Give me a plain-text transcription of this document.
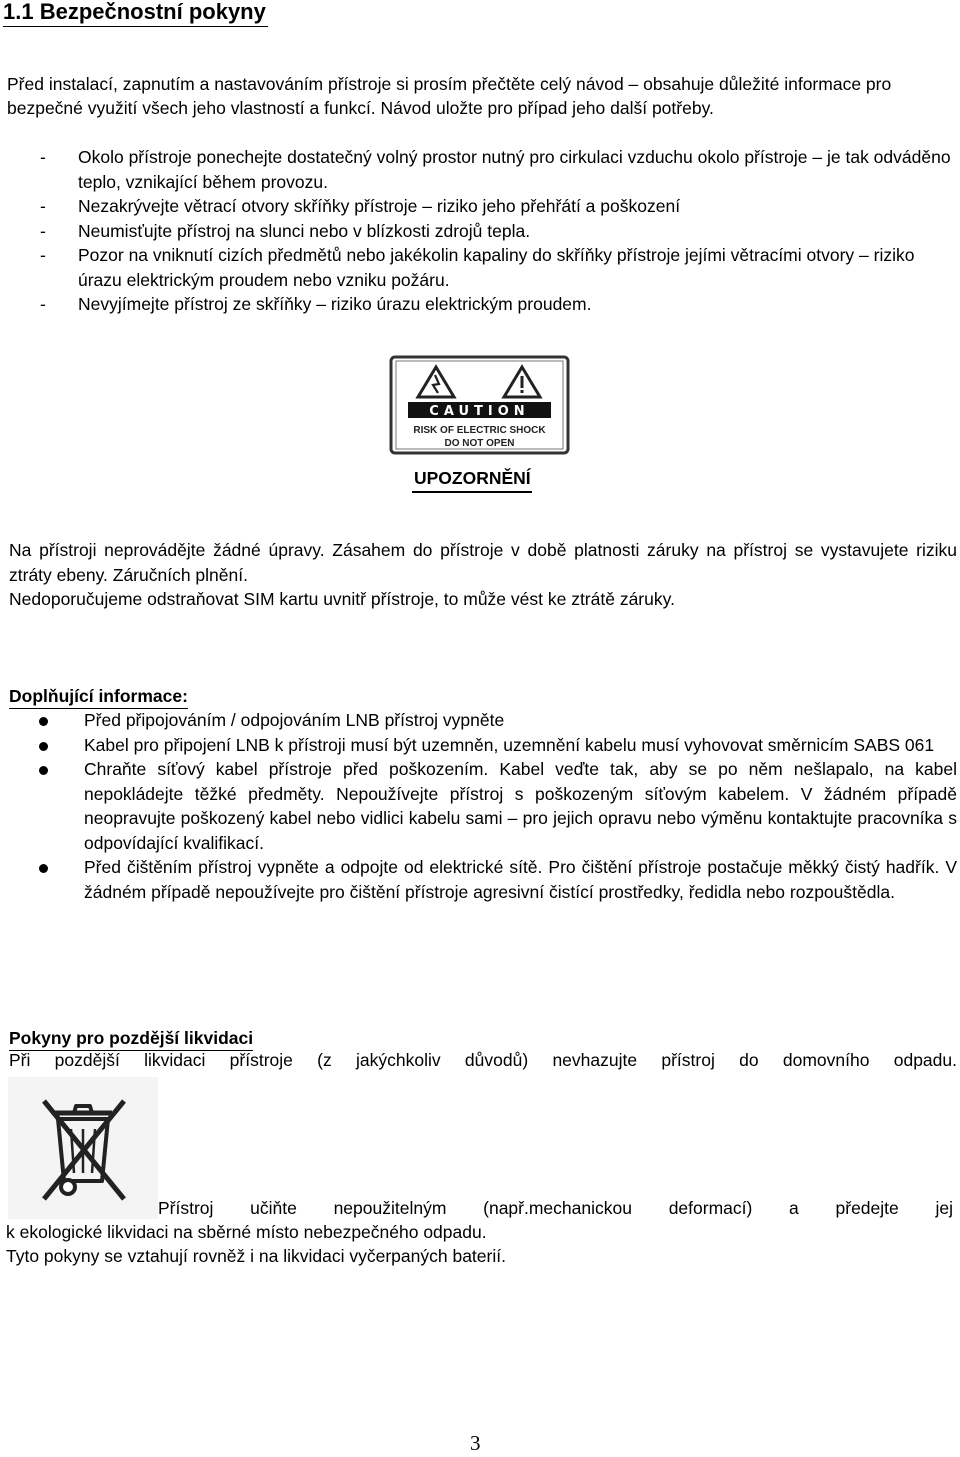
1.1 Bezpečnostní pokyny

Před instalací, zapnutím a nastavováním přístroje si prosím přečtěte celý návod – obsahuje důležité informace pro bezpečné využití všech jeho vlastností a funkcí. Návod uložte pro případ jeho další potřeby.

- Okolo přístroje ponechejte dostatečný volný prostor nutný pro cirkulaci vzduchu okolo přístroje – je tak odváděno teplo, vznikající během provozu.
- Nezakrývejte větrací otvory skříňky přístroje – riziko jeho přehřátí a poškození
- Neumisťujte přístroj na slunci nebo v blízkosti zdrojů tepla.
- Pozor na vniknutí cizích předmětů nebo jakékolin kapaliny do skříňky přístroje jejími větracími otvory – riziko úrazu elektrickým proudem nebo vzniku požáru.
- Nevyjímejte přístroj ze skříňky – riziko úrazu elektrickým proudem.
CAUTION
RISK OF ELECTRIC SHOCK
DO NOT OPEN
UPOZORNĚNÍ

Na přístroji neprovádějte žádné úpravy. Zásahem do přístroje v době platnosti záruky na přístroj se vystavujete riziku ztráty ebeny. Záručních plnění.

Nedoporučujeme odstraňovat SIM kartu uvnitř přístroje, to může vést ke ztrátě záruky.

Doplňující informace:
Před připojováním / odpojováním LNB přístroj vypněte
Kabel pro připojení LNB k přístroji musí být uzemněn, uzemnění kabelu musí vyhovovat směrnicím SABS 061
Chraňte síťový kabel přístroje před poškozením. Kabel veďte tak, aby se po něm nešlapalo, na kabel nepokládejte těžké předměty. Nepoužívejte přístroj s poškozeným síťovým kabelem. V žádném případě neopravujte poškozený kabel nebo vidlici kabelu sami – pro jejich opravu nebo výměnu kontaktujte pracovníka s odpovídající kvalifikací.
Před čištěním přístroj vypněte a odpojte od elektrické sítě. Pro čištění přístroje postačuje měkký čistý hadřík. V žádném případě nepoužívejte pro čištění přístroje agresivní čistící prostředky, ředidla nebo rozpouštědla.
Pokyny pro pozdější likvidaci

Při pozdější likvidaci přístroje (z jakýchkoliv důvodů) nevhazujte přístroj do domovního odpadu.

Přístroj učiňte nepoužitelným (např.mechanickou deformací) a předejte jej

k ekologické likvidaci na sběrné místo nebezpečného odpadu.

Tyto pokyny se vztahují rovněž i na likvidaci vyčerpaných baterií.

3
